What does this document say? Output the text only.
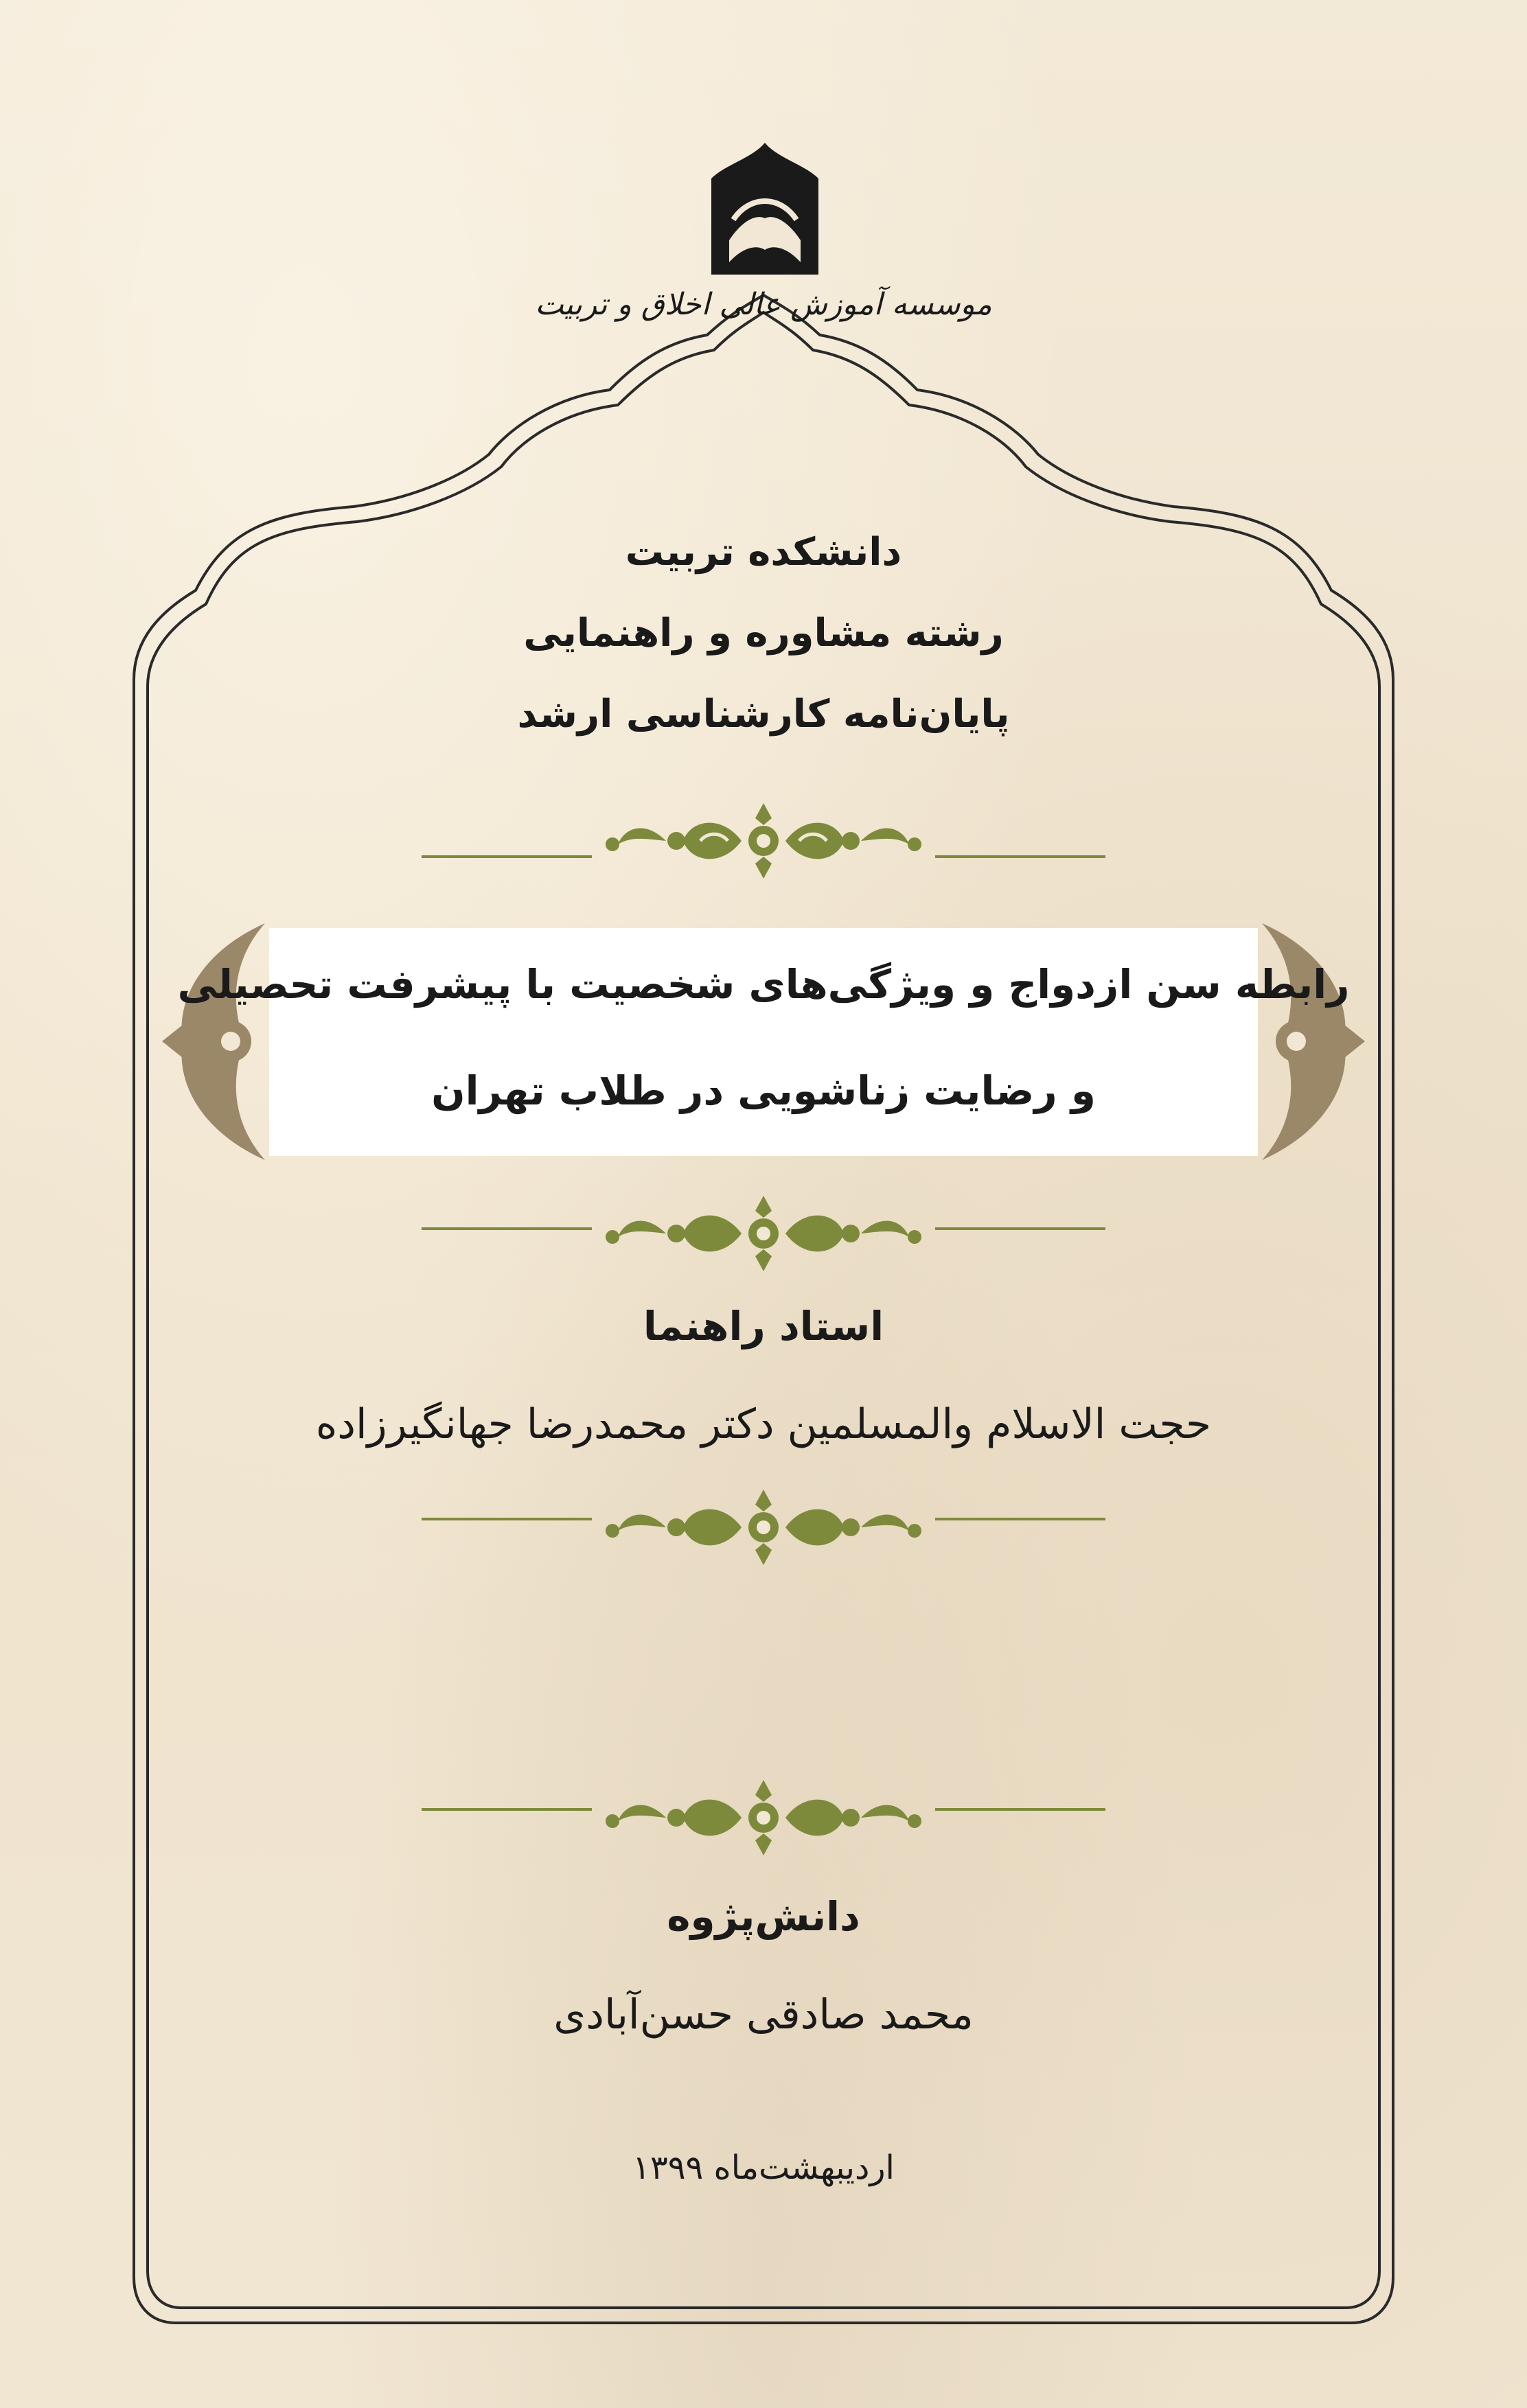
موسسه آموزش عالی اخلاق و تربیت
دانشکده تربیت
رشته مشاوره و راهنمایی
پایان‌نامه کارشناسی ارشد
رابطه سن ازدواج و ویژگی‌های شخصیت با پیشرفت تحصیلی
و رضایت زناشویی در طلاب تهران
استاد راهنما
حجت الاسلام والمسلمین دکتر محمدرضا جهانگیرزاده
دانش‌پژوه
محمد صادقی حسن‌آبادی
اردیبهشت‌ماه ۱۳۹۹
